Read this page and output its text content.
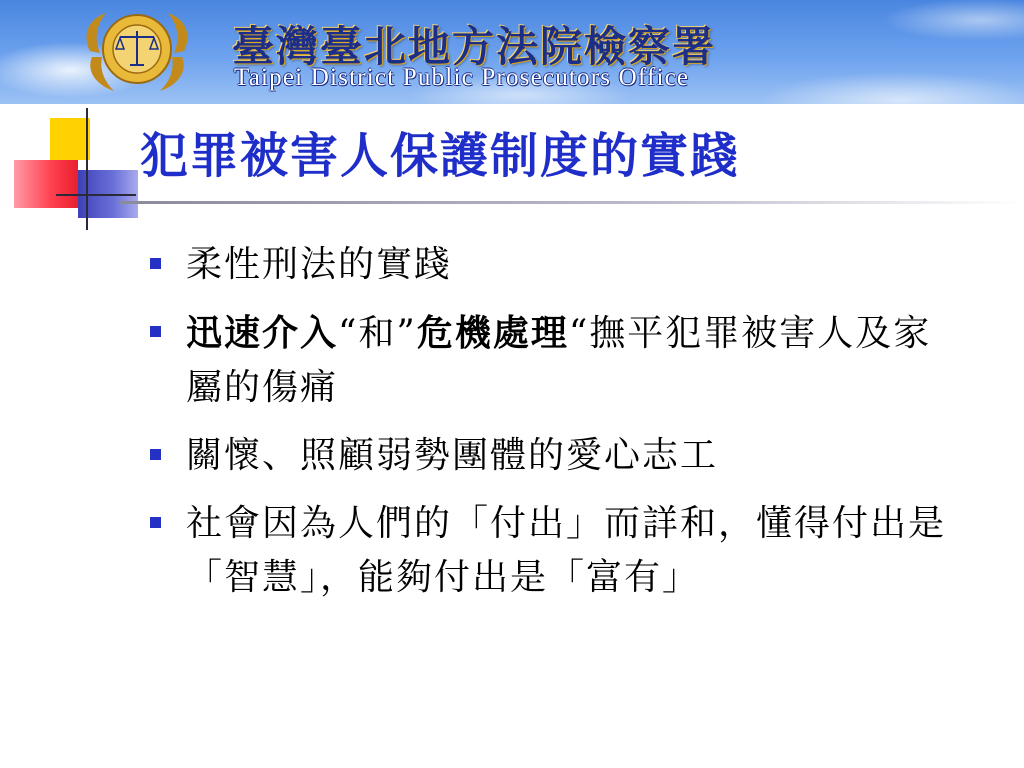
臺灣臺北地方法院檢察署
Taipei District Public Prosecutors Office
犯罪被害人保護制度的實踐
柔性刑法的實踐
迅速介入“和”危機處理“撫平犯罪被害人及家屬的傷痛
關懷、照顧弱勢團體的愛心志工
社會因為人們的「付出」而詳和，懂得付出是「智慧」，能夠付出是「富有」
